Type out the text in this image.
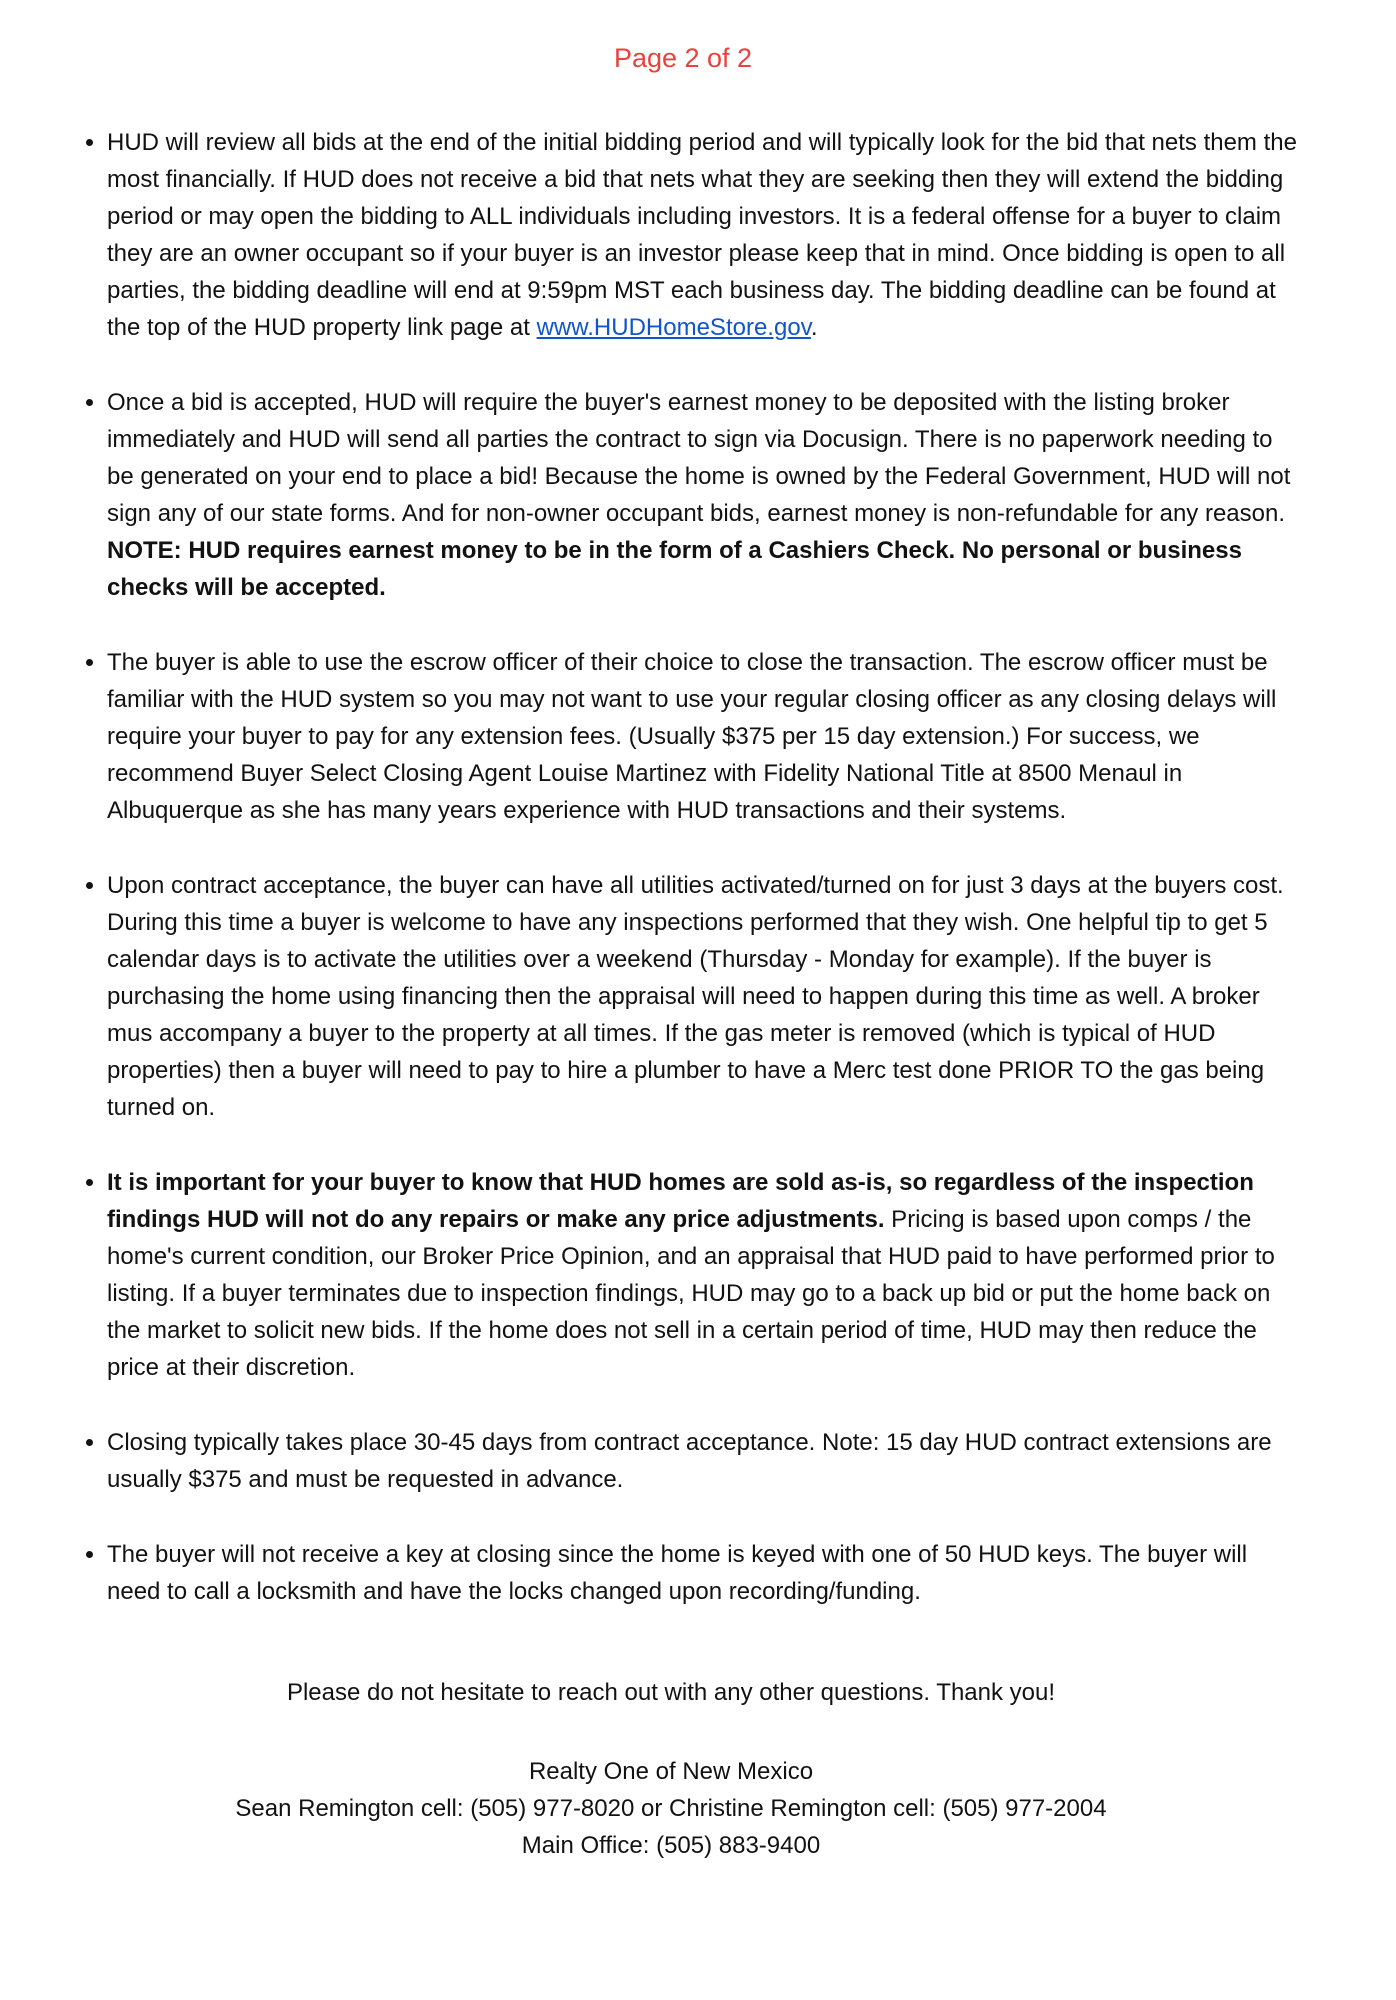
Page 2 of 2
• HUD will review all bids at the end of the initial bidding period and will typically look for the bid that nets them the most financially. If HUD does not receive a bid that nets what they are seeking then they will extend the bidding period or may open the bidding to ALL individuals including investors. It is a federal offense for a buyer to claim they are an owner occupant so if your buyer is an investor please keep that in mind. Once bidding is open to all parties, the bidding deadline will end at 9:59pm MST each business day. The bidding deadline can be found at the top of the HUD property link page at www.HUDHomeStore.gov.
• Once a bid is accepted, HUD will require the buyer's earnest money to be deposited with the listing broker immediately and HUD will send all parties the contract to sign via Docusign. There is no paperwork needing to be generated on your end to place a bid! Because the home is owned by the Federal Government, HUD will not sign any of our state forms. And for non-owner occupant bids, earnest money is non-refundable for any reason. NOTE: HUD requires earnest money to be in the form of a Cashiers Check. No personal or business checks will be accepted.
• The buyer is able to use the escrow officer of their choice to close the transaction. The escrow officer must be familiar with the HUD system so you may not want to use your regular closing officer as any closing delays will require your buyer to pay for any extension fees. (Usually $375 per 15 day extension.) For success, we recommend Buyer Select Closing Agent Louise Martinez with Fidelity National Title at 8500 Menaul in Albuquerque as she has many years experience with HUD transactions and their systems.
• Upon contract acceptance, the buyer can have all utilities activated/turned on for just 3 days at the buyers cost. During this time a buyer is welcome to have any inspections performed that they wish. One helpful tip to get 5 calendar days is to activate the utilities over a weekend (Thursday - Monday for example). If the buyer is purchasing the home using financing then the appraisal will need to happen during this time as well. A broker mus accompany a buyer to the property at all times. If the gas meter is removed (which is typical of HUD properties) then a buyer will need to pay to hire a plumber to have a Merc test done PRIOR TO the gas being turned on.
• It is important for your buyer to know that HUD homes are sold as-is, so regardless of the inspection findings HUD will not do any repairs or make any price adjustments. Pricing is based upon comps / the home's current condition, our Broker Price Opinion, and an appraisal that HUD paid to have performed prior to listing. If a buyer terminates due to inspection findings, HUD may go to a back up bid or put the home back on the market to solicit new bids. If the home does not sell in a certain period of time, HUD may then reduce the price at their discretion.
• Closing typically takes place 30-45 days from contract acceptance. Note: 15 day HUD contract extensions are usually $375 and must be requested in advance.
• The buyer will not receive a key at closing since the home is keyed with one of 50 HUD keys. The buyer will need to call a locksmith and have the locks changed upon recording/funding.

Please do not hesitate to reach out with any other questions. Thank you!

Realty One of New Mexico

Sean Remington cell: (505) 977-8020 or Christine Remington cell: (505) 977-2004

Main Office: (505) 883-9400
